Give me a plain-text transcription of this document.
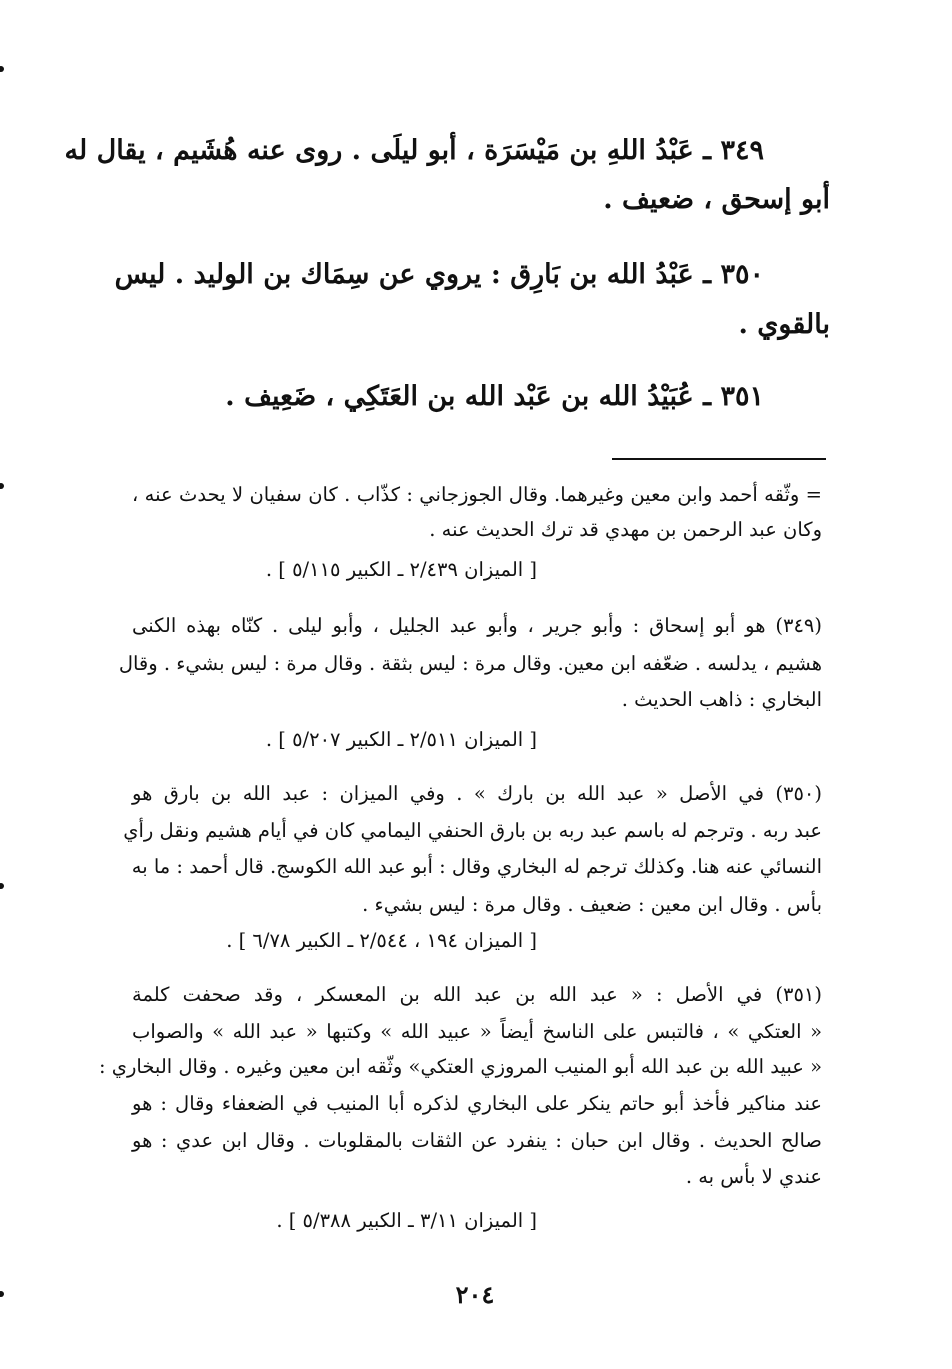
٣٤٩ ـ عَبْدُ اللهِ بن مَيْسَرَة ، أبو ليلَى . روى عنه هُشَيم ، يقال له
أبو إسحق ، ضعيف .
٣٥٠ ـ عَبْدُ الله بن بَارِق : يروي عن سِمَاك بن الوليد . ليس
بالقوي .
٣٥١ ـ عُبَيْدُ الله بن عَبْد الله بن العَتَكِي ، ضَعِيف .
= وثّقه أحمد وابن معين وغيرهما. وقال الجوزجاني : كذّاب . كان سفيان لا يحدث عنه ،
وكان عبد الرحمن بن مهدي قد ترك الحديث عنه .
[ الميزان ٢/٤٣٩ ـ الكبير ٥/١١٥ ] .
(٣٤٩) هو أبو إسحاق : وأبو جرير ، وأبو عبد الجليل ، وأبو ليلى . كنّاه بهذه الكنى
هشيم ، يدلسه . ضعّفه ابن معين. وقال مرة : ليس بثقة . وقال مرة : ليس بشيء . وقال
البخاري : ذاهب الحديث .
[ الميزان ٢/٥١١ ـ الكبير ٥/٢٠٧ ] .
(٣٥٠) في الأصل « عبد الله بن بارك » . وفي الميزان : عبد الله بن بارق هو
عبد ربه . وترجم له باسم عبد ربه بن بارق الحنفي اليمامي كان في أيام هشيم ونقل رأي
النسائي عنه هنا. وكذلك ترجم له البخاري وقال : أبو عبد الله الكوسج. قال أحمد : ما به
بأس . وقال ابن معين : ضعيف . وقال مرة : ليس بشيء .
[ الميزان ١٩٤ ، ٢/٥٤٤ ـ الكبير ٦/٧٨ ] .
(٣٥١) في الأصل : « عبد الله بن عبد الله بن المعسكر ، وقد صحفت كلمة
« العتكي » ، فالتبس على الناسخ أيضاً « عبيد الله » وكتبها « عبد الله » والصواب
« عبيد الله بن عبد الله أبو المنيب المروزي العتكي» وثّقه ابن معين وغيره . وقال البخاري :
عند مناكير فأخذ أبو حاتم ينكر على البخاري لذكره أبا المنيب في الضعفاء وقال : هو
صالح الحديث . وقال ابن حبان : ينفرد عن الثقات بالمقلوبات . وقال ابن عدي : هو
عندي لا بأس به .
[ الميزان ٣/١١ ـ الكبير ٥/٣٨٨ ] .
٢٠٤
